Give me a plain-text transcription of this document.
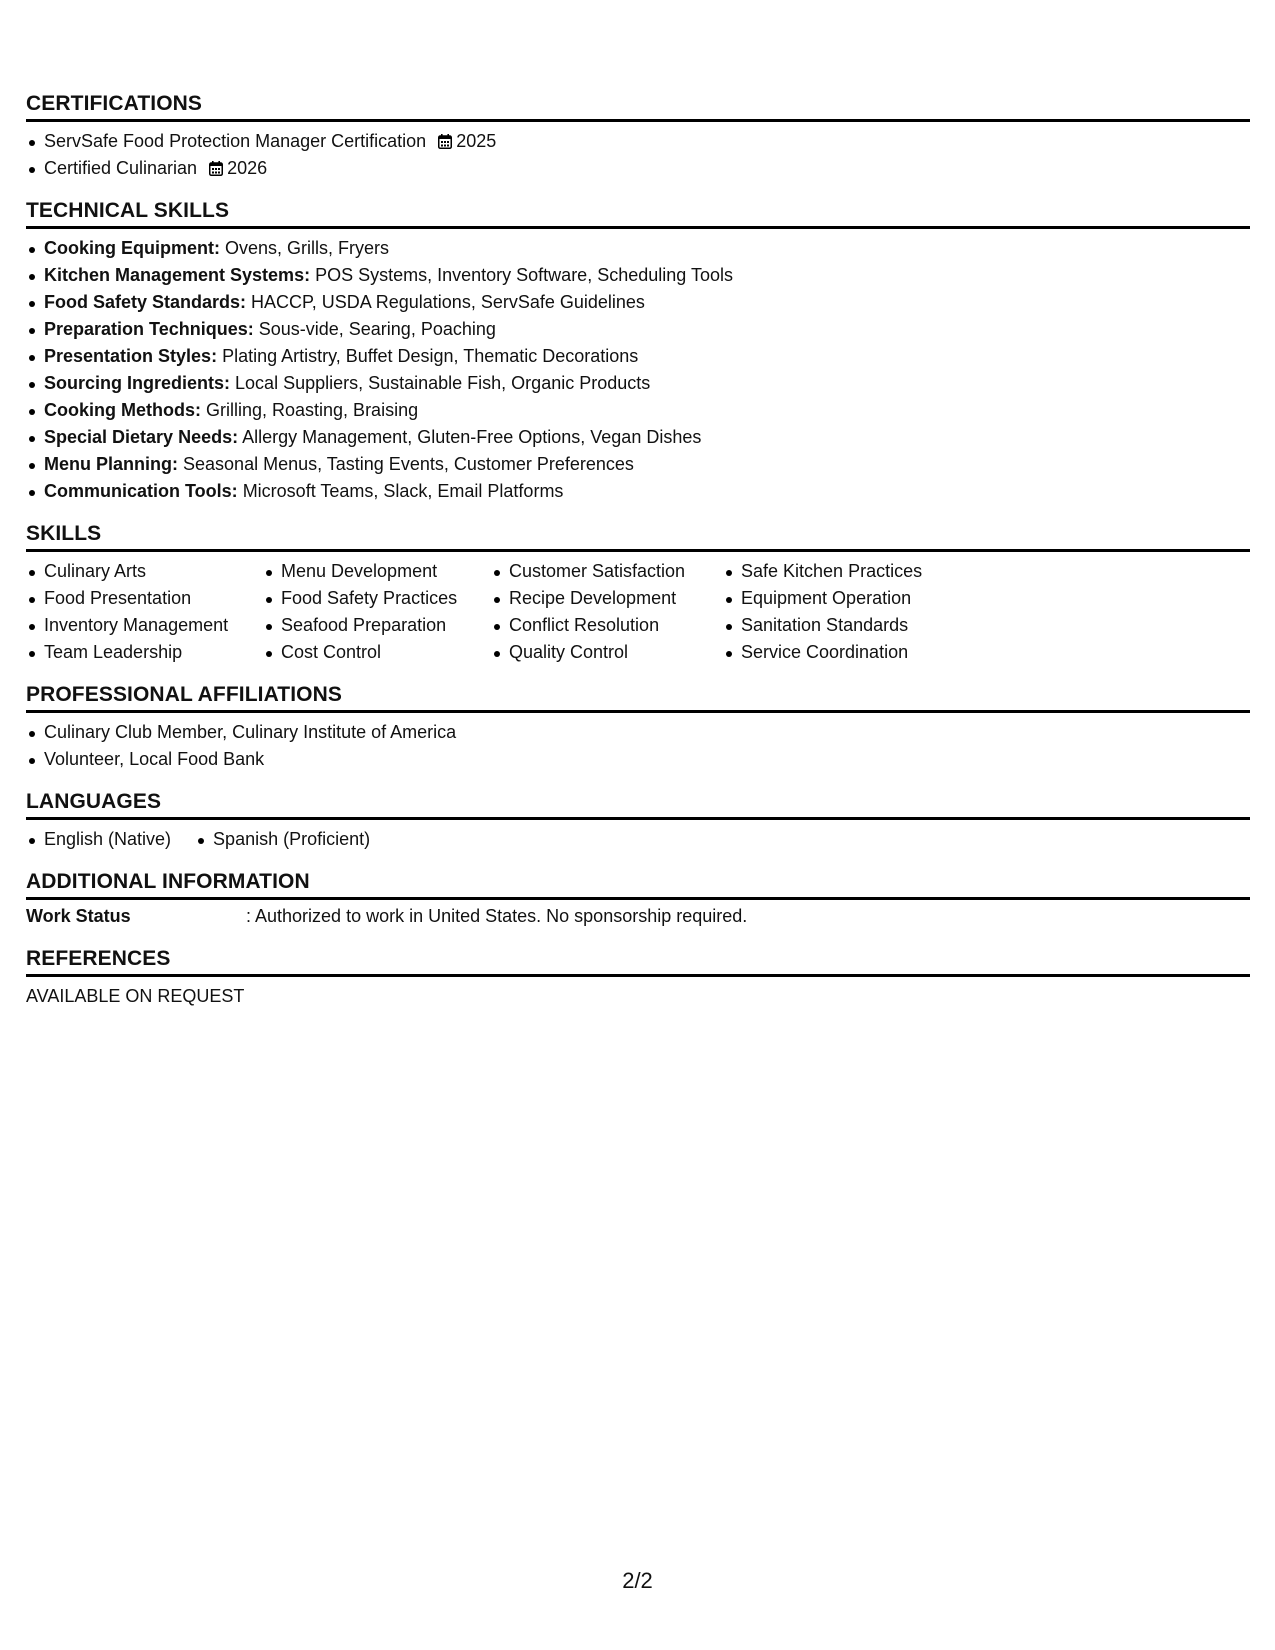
CERTIFICATIONS
ServSafe Food Protection Manager Certification 2025
Certified Culinarian 2026
TECHNICAL SKILLS
Cooking Equipment: Ovens, Grills, Fryers
Kitchen Management Systems: POS Systems, Inventory Software, Scheduling Tools
Food Safety Standards: HACCP, USDA Regulations, ServSafe Guidelines
Preparation Techniques: Sous-vide, Searing, Poaching
Presentation Styles: Plating Artistry, Buffet Design, Thematic Decorations
Sourcing Ingredients: Local Suppliers, Sustainable Fish, Organic Products
Cooking Methods: Grilling, Roasting, Braising
Special Dietary Needs: Allergy Management, Gluten-Free Options, Vegan Dishes
Menu Planning: Seasonal Menus, Tasting Events, Customer Preferences
Communication Tools: Microsoft Teams, Slack, Email Platforms
SKILLS
Culinary Arts
Food Presentation
Inventory Management
Team Leadership
Menu Development
Food Safety Practices
Seafood Preparation
Cost Control
Customer Satisfaction
Recipe Development
Conflict Resolution
Quality Control
Safe Kitchen Practices
Equipment Operation
Sanitation Standards
Service Coordination
PROFESSIONAL AFFILIATIONS
Culinary Club Member, Culinary Institute of America
Volunteer, Local Food Bank
LANGUAGES
English (Native)	Spanish (Proficient)
ADDITIONAL INFORMATION
Work Status	: Authorized to work in United States. No sponsorship required.
REFERENCES
AVAILABLE ON REQUEST
2/2
